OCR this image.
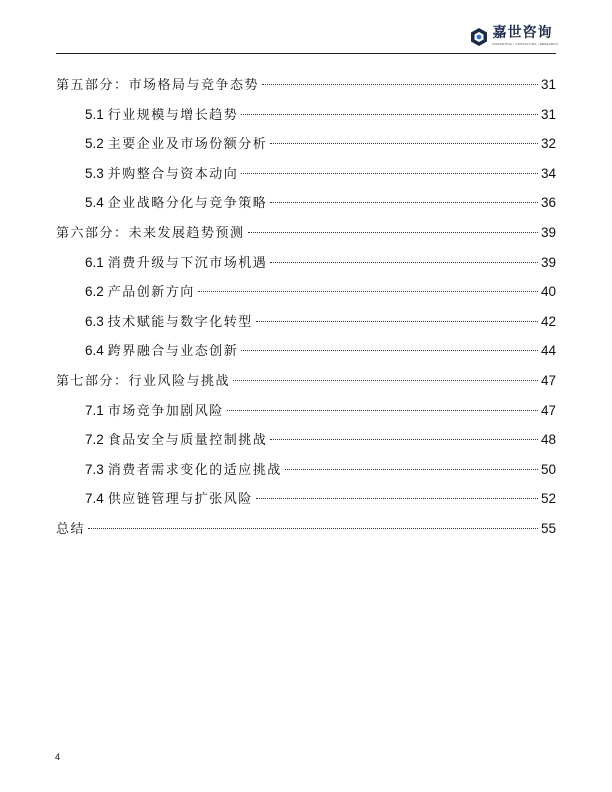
嘉世咨询
MARKETING | CONSULTING | RESEARCH
第五部分：市场格局与竞争态势	31
5.1 行业规模与增长趋势	31
5.2 主要企业及市场份额分析	32
5.3 并购整合与资本动向	34
5.4 企业战略分化与竞争策略	36
第六部分：未来发展趋势预测	39
6.1 消费升级与下沉市场机遇	39
6.2 产品创新方向	40
6.3 技术赋能与数字化转型	42
6.4 跨界融合与业态创新	44
第七部分：行业风险与挑战	47
7.1 市场竞争加剧风险	47
7.2 食品安全与质量控制挑战	48
7.3 消费者需求变化的适应挑战	50
7.4 供应链管理与扩张风险	52
总结	55
4
